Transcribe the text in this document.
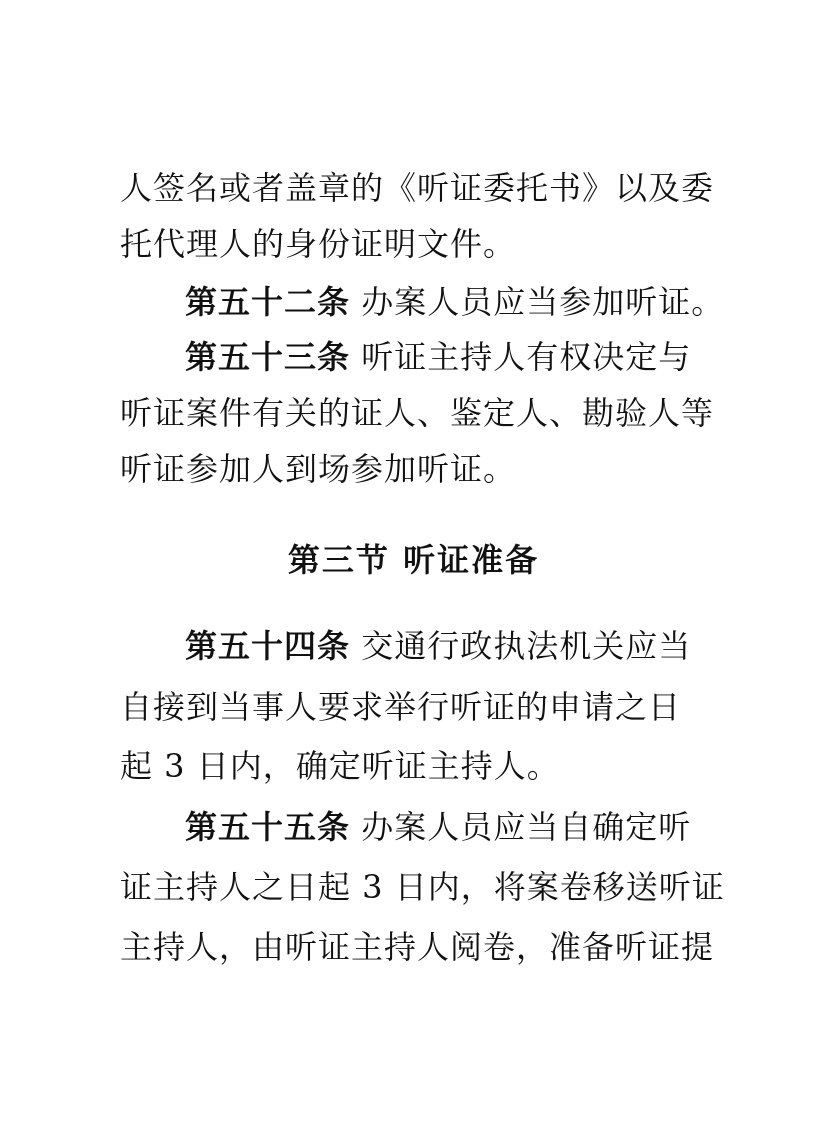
人签名或者盖章的《听证委托书》以及委
托代理人的身份证明文件。
第五十二条 办案人员应当参加听证。
第五十三条 听证主持人有权决定与
听证案件有关的证人、鉴定人、勘验人等
听证参加人到场参加听证。
第三节 听证准备
第五十四条 交通行政执法机关应当
自接到当事人要求举行听证的申请之日
起 3 日内，确定听证主持人。
第五十五条 办案人员应当自确定听
证主持人之日起 3 日内，将案卷移送听证
主持人，由听证主持人阅卷，准备听证提
